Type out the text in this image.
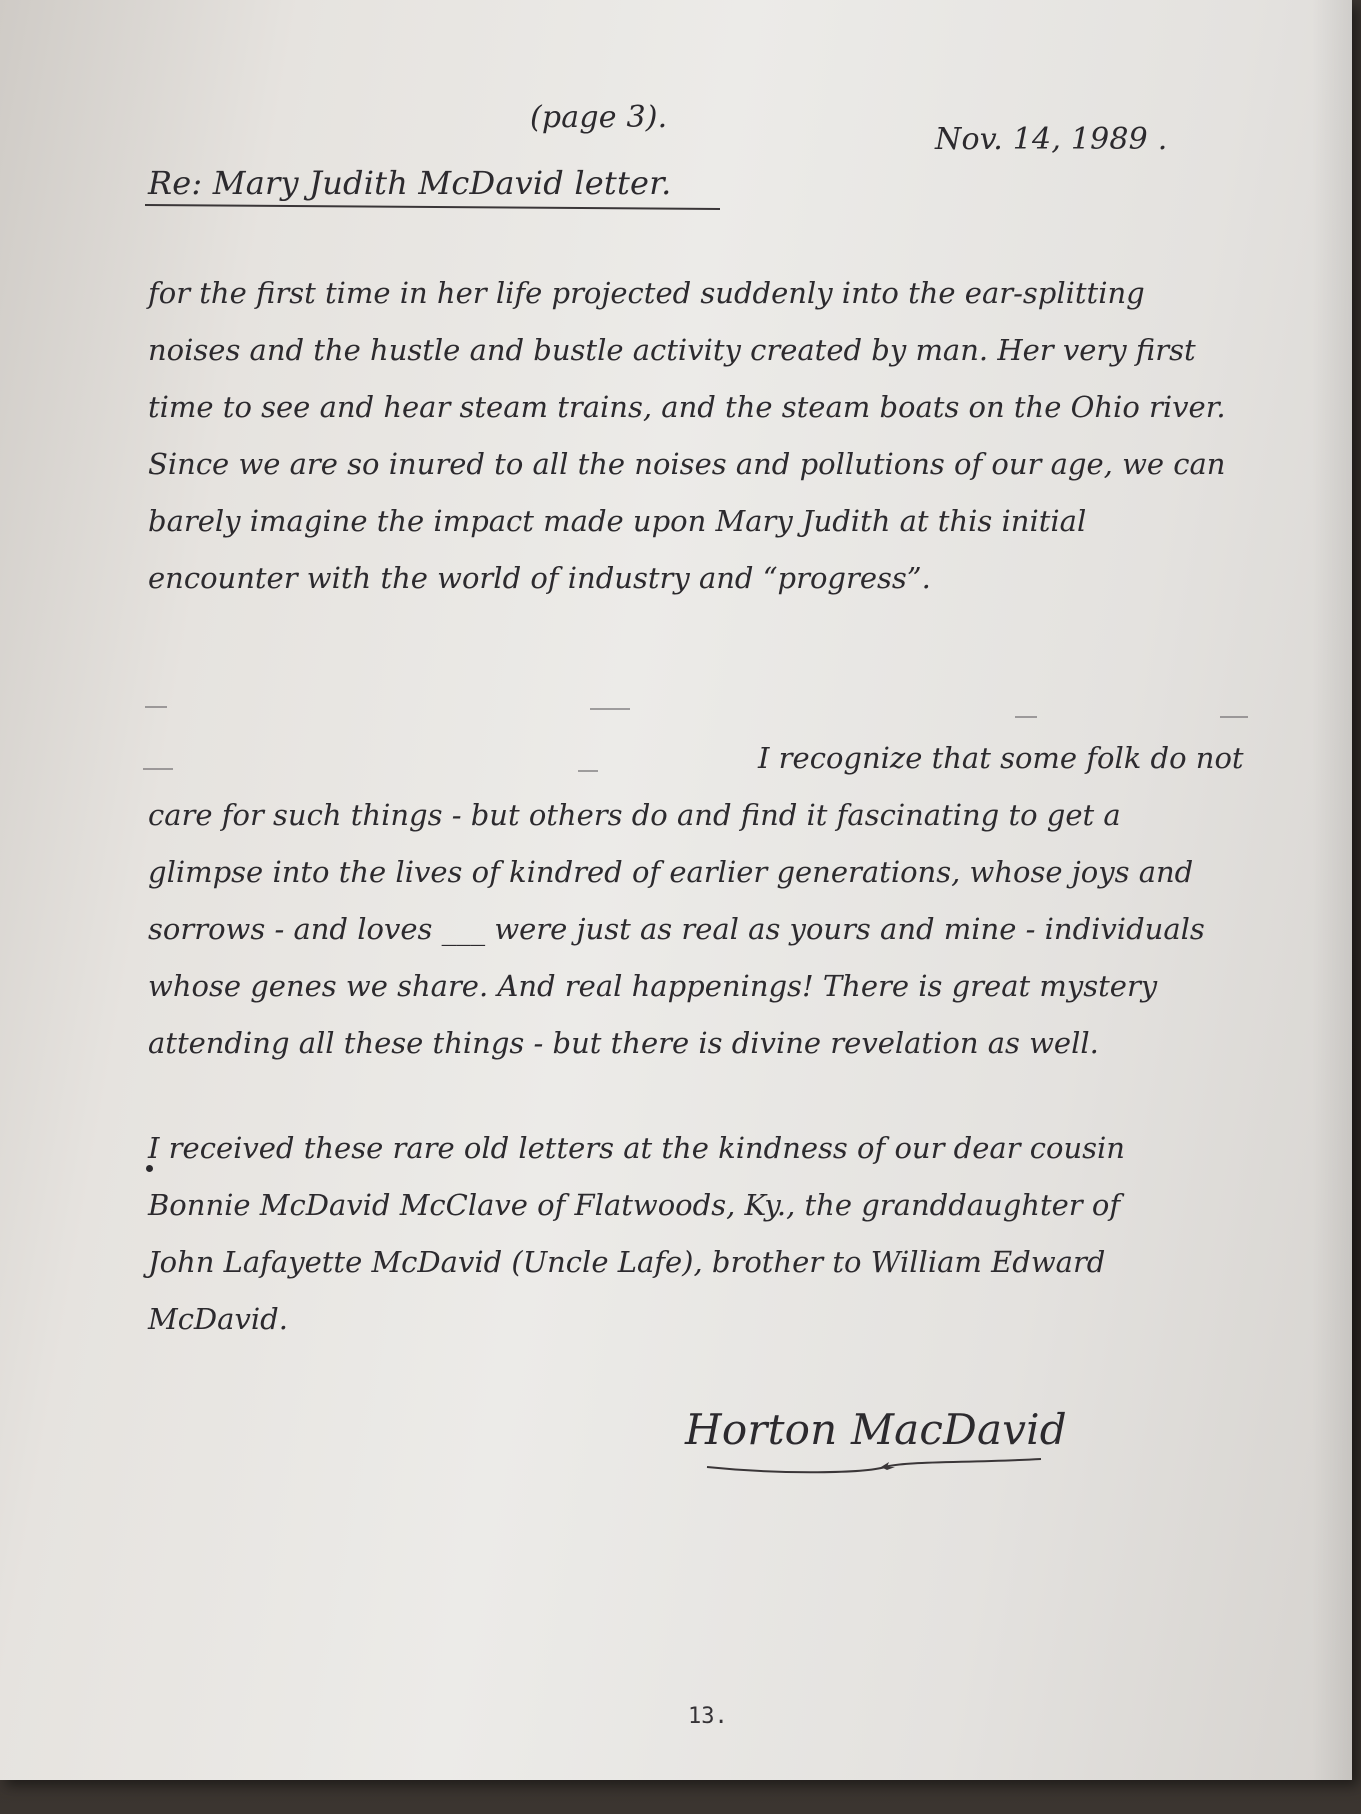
(page 3).
Nov. 14, 1989 .
Re: Mary Judith McDavid letter.
for the first time in her life projected suddenly into the ear-splitting
noises and the hustle and bustle activity created by man. Her very first
time to see and hear steam trains, and the steam boats on the Ohio river.
Since we are so inured to all the noises and pollutions of our age, we can
barely imagine the impact made upon Mary Judith at this initial
encounter with the world of industry and “progress”.
I recognize that some folk do not
care for such things - but others do and find it fascinating to get a
glimpse into the lives of kindred of earlier generations, whose joys and
sorrows - and loves ___ were just as real as yours and mine - individuals
whose genes we share. And real happenings! There is great mystery
attending all these things - but there is divine revelation as well.
I received these rare old letters at the kindness of our dear cousin
Bonnie McDavid McClave of Flatwoods, Ky., the granddaughter of
John Lafayette McDavid (Uncle Lafe), brother to William Edward
McDavid.
Horton MacDavid
13.
